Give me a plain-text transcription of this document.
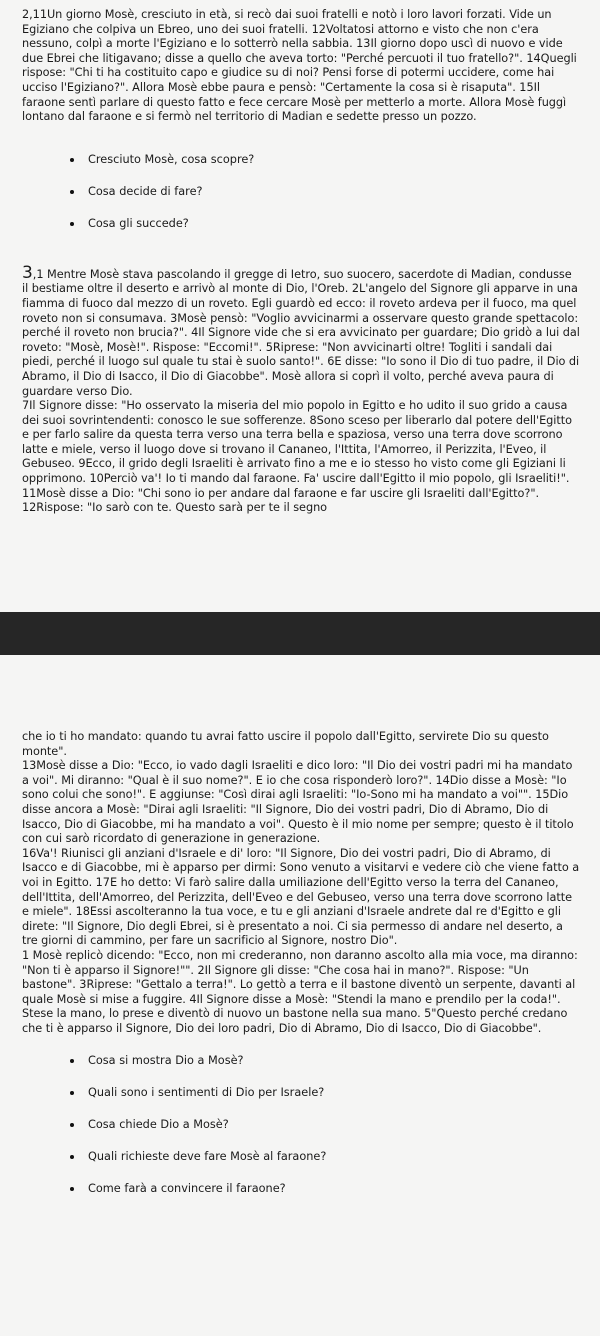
2,11Un giorno Mosè, cresciuto in età, si recò dai suoi fratelli e notò i loro lavori forzati. Vide un Egiziano che colpiva un Ebreo, uno dei suoi fratelli. 12Voltatosi attorno e visto che non c'era nessuno, colpì a morte l'Egiziano e lo sotterrò nella sabbia. 13Il giorno dopo uscì di nuovo e vide due Ebrei che litigavano; disse a quello che aveva torto: "Perché percuoti il tuo fratello?". 14Quegli rispose: "Chi ti ha costituito capo e giudice su di noi? Pensi forse di potermi uccidere, come hai ucciso l'Egiziano?". Allora Mosè ebbe paura e pensò: "Certamente la cosa si è risaputa". 15Il faraone sentì parlare di questo fatto e fece cercare Mosè per metterlo a morte. Allora Mosè fuggì lontano dal faraone e si fermò nel territorio di Madian e sedette presso un pozzo.

Cresciuto Mosè, cosa scopre?
Cosa decide di fare?
Cosa gli succede?

3,1 Mentre Mosè stava pascolando il gregge di Ietro, suo suocero, sacerdote di Madian, condusse il bestiame oltre il deserto e arrivò al monte di Dio, l'Oreb. 2L'angelo del Signore gli apparve in una fiamma di fuoco dal mezzo di un roveto. Egli guardò ed ecco: il roveto ardeva per il fuoco, ma quel roveto non si consumava. 3Mosè pensò: "Voglio avvicinarmi a osservare questo grande spettacolo: perché il roveto non brucia?". 4Il Signore vide che si era avvicinato per guardare; Dio gridò a lui dal roveto: "Mosè, Mosè!". Rispose: "Eccomi!". 5Riprese: "Non avvicinarti oltre! Togliti i sandali dai piedi, perché il luogo sul quale tu stai è suolo santo!". 6E disse: "Io sono il Dio di tuo padre, il Dio di Abramo, il Dio di Isacco, il Dio di Giacobbe". Mosè allora si coprì il volto, perché aveva paura di guardare verso Dio.

7Il Signore disse: "Ho osservato la miseria del mio popolo in Egitto e ho udito il suo grido a causa dei suoi sovrintendenti: conosco le sue sofferenze. 8Sono sceso per liberarlo dal potere dell'Egitto e per farlo salire da questa terra verso una terra bella e spaziosa, verso una terra dove scorrono latte e miele, verso il luogo dove si trovano il Cananeo, l'Ittita, l'Amorreo, il Perizzita, l'Eveo, il Gebuseo. 9Ecco, il grido degli Israeliti è arrivato fino a me e io stesso ho visto come gli Egiziani li opprimono. 10Perciò va'! Io ti mando dal faraone. Fa' uscire dall'Egitto il mio popolo, gli Israeliti!". 11Mosè disse a Dio: "Chi sono io per andare dal faraone e far uscire gli Israeliti dall'Egitto?". 12Rispose: "Io sarò con te. Questo sarà per te il segno

che io ti ho mandato: quando tu avrai fatto uscire il popolo dall'Egitto, servirete Dio su questo monte".

13Mosè disse a Dio: "Ecco, io vado dagli Israeliti e dico loro: "Il Dio dei vostri padri mi ha mandato a voi". Mi diranno: "Qual è il suo nome?". E io che cosa risponderò loro?". 14Dio disse a Mosè: "Io sono colui che sono!". E aggiunse: "Così dirai agli Israeliti: "Io-Sono mi ha mandato a voi"". 15Dio disse ancora a Mosè: "Dirai agli Israeliti: "Il Signore, Dio dei vostri padri, Dio di Abramo, Dio di Isacco, Dio di Giacobbe, mi ha mandato a voi". Questo è il mio nome per sempre; questo è il titolo con cui sarò ricordato di generazione in generazione.

16Va'! Riunisci gli anziani d'Israele e di' loro: "Il Signore, Dio dei vostri padri, Dio di Abramo, di Isacco e di Giacobbe, mi è apparso per dirmi: Sono venuto a visitarvi e vedere ciò che viene fatto a voi in Egitto. 17E ho detto: Vi farò salire dalla umiliazione dell'Egitto verso la terra del Cananeo, dell'Ittita, dell'Amorreo, del Perizzita, dell'Eveo e del Gebuseo, verso una terra dove scorrono latte e miele". 18Essi ascolteranno la tua voce, e tu e gli anziani d'Israele andrete dal re d'Egitto e gli direte: "Il Signore, Dio degli Ebrei, si è presentato a noi. Ci sia permesso di andare nel deserto, a tre giorni di cammino, per fare un sacrificio al Signore, nostro Dio".

1 Mosè replicò dicendo: "Ecco, non mi crederanno, non daranno ascolto alla mia voce, ma diranno: "Non ti è apparso il Signore!"". 2Il Signore gli disse: "Che cosa hai in mano?". Rispose: "Un bastone". 3Riprese: "Gettalo a terra!". Lo gettò a terra e il bastone diventò un serpente, davanti al quale Mosè si mise a fuggire. 4Il Signore disse a Mosè: "Stendi la mano e prendilo per la coda!". Stese la mano, lo prese e diventò di nuovo un bastone nella sua mano. 5"Questo perché credano che ti è apparso il Signore, Dio dei loro padri, Dio di Abramo, Dio di Isacco, Dio di Giacobbe".

Cosa si mostra Dio a Mosè?
Quali sono i sentimenti di Dio per Israele?
Cosa chiede Dio a Mosè?
Quali richieste deve fare Mosè al faraone?
Come farà a convincere il faraone?
